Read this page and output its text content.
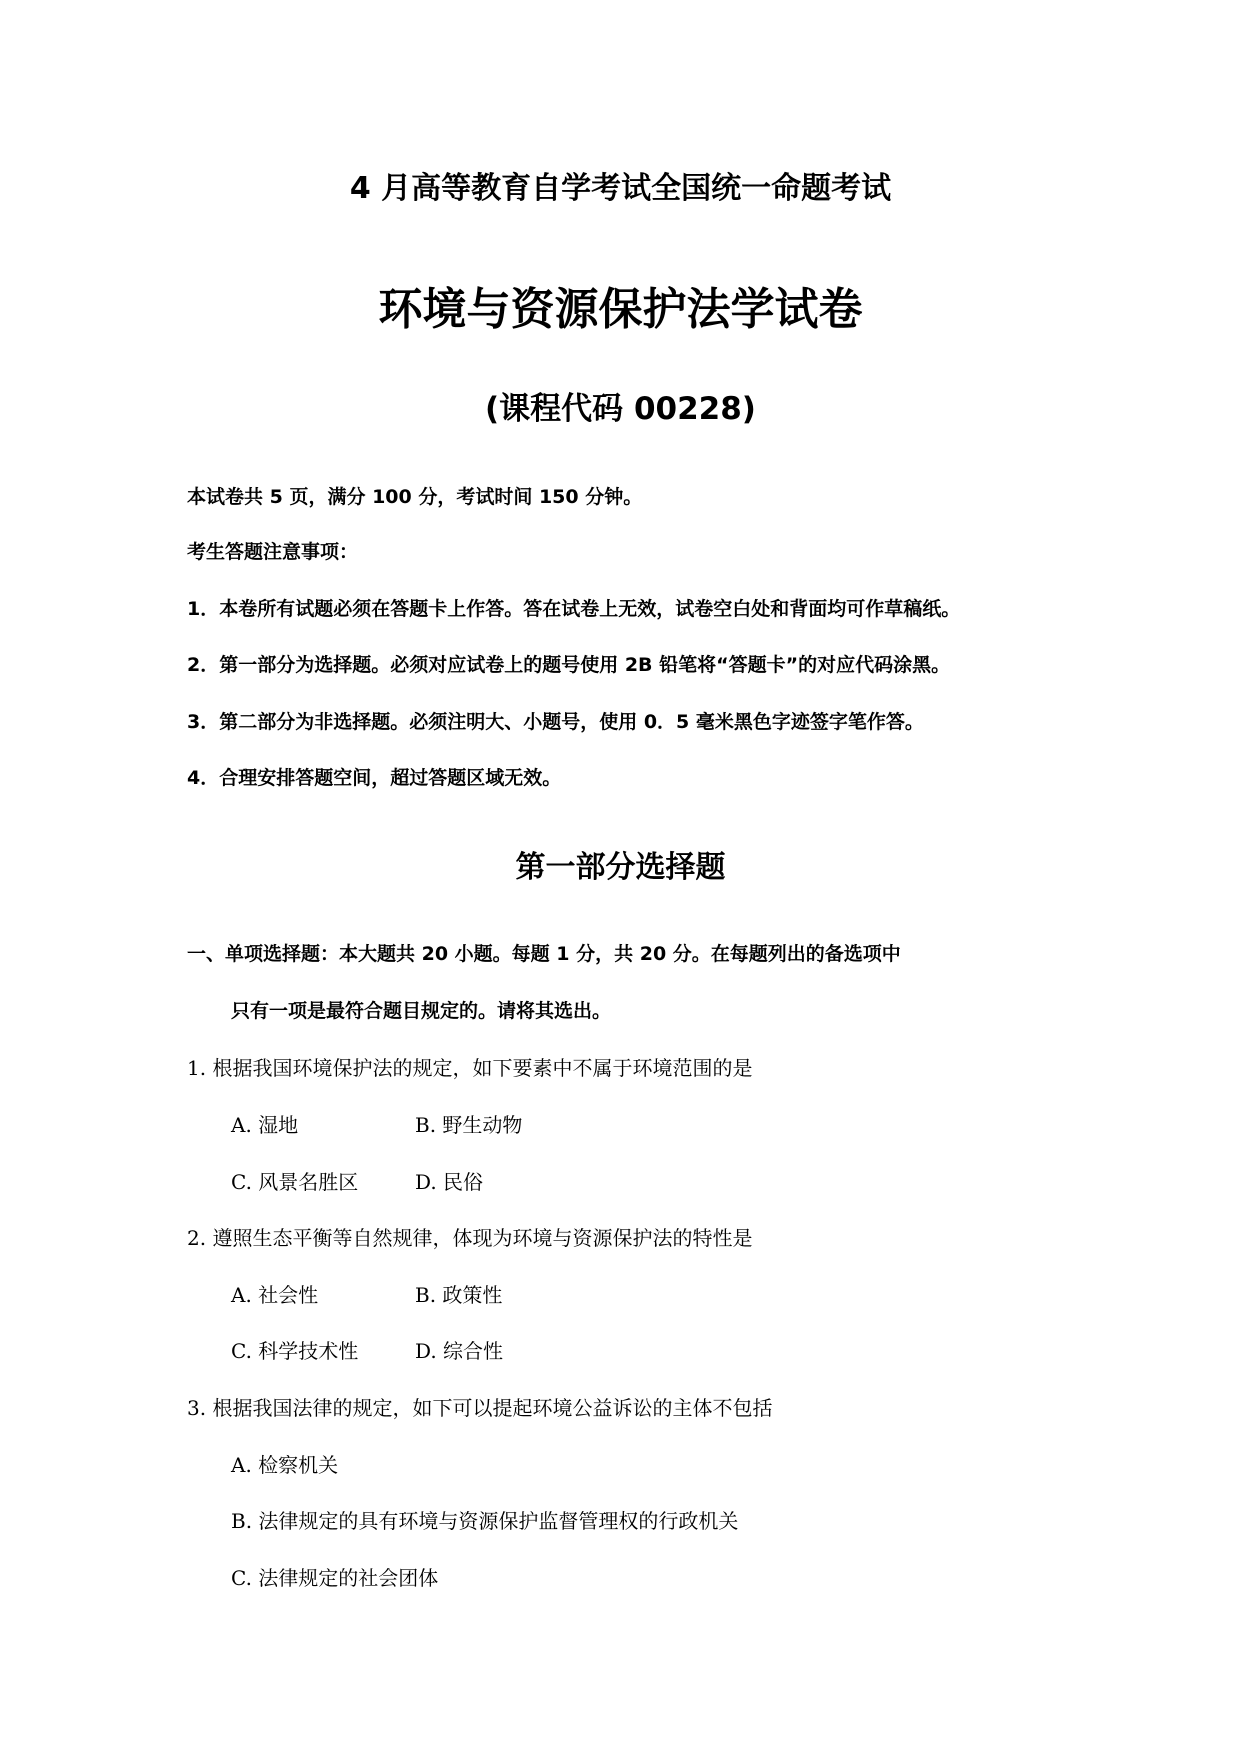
4 月高等教育自学考试全国统一命题考试
环境与资源保护法学试卷
(课程代码 00228)
本试卷共 5 页，满分 100 分，考试时间 150 分钟。
考生答题注意事项：
1．本卷所有试题必须在答题卡上作答。答在试卷上无效，试卷空白处和背面均可作草稿纸。
2．第一部分为选择题。必须对应试卷上的题号使用 2B 铅笔将“答题卡”的对应代码涂黑。
3．第二部分为非选择题。必须注明大、小题号，使用 0．5 毫米黑色字迹签字笔作答。
4．合理安排答题空间，超过答题区域无效。
第一部分选择题
一、单项选择题：本大题共 20 小题。每题 1 分，共 20 分。在每题列出的备选项中
只有一项是最符合题目规定的。请将其选出。
1. 根据我国环境保护法的规定，如下要素中不属于环境范围的是
A. 湿地	B. 野生动物
C. 风景名胜区	D. 民俗
2. 遵照生态平衡等自然规律，体现为环境与资源保护法的特性是
A. 社会性	B. 政策性
C. 科学技术性	D. 综合性
3. 根据我国法律的规定，如下可以提起环境公益诉讼的主体不包括
A. 检察机关
B. 法律规定的具有环境与资源保护监督管理权的行政机关
C. 法律规定的社会团体
